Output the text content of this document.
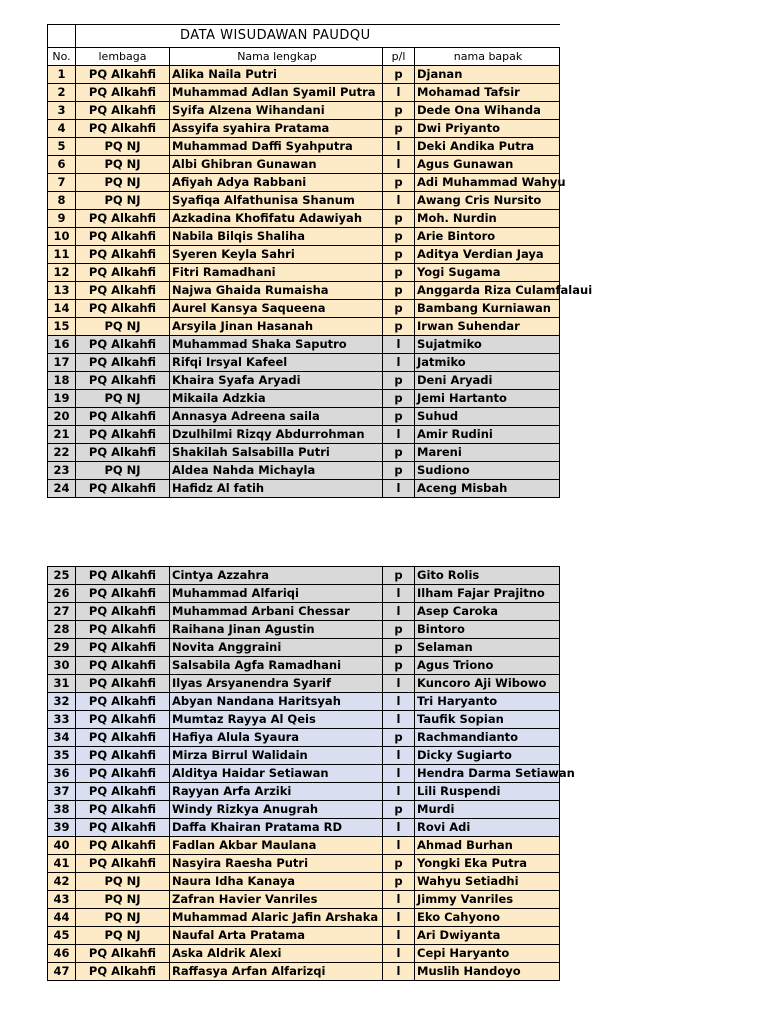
	DATA WISUDAWAN PAUDQU			
No.	lembaga	Nama lengkap	p/l	nama bapak
1	PQ Alkahfi	Alika Naila Putri	p	Djanan
2	PQ Alkahfi	Muhammad Adlan Syamil Putra	l	Mohamad Tafsir
3	PQ Alkahfi	Syifa Alzena Wihandani	p	Dede Ona Wihanda
4	PQ Alkahfi	Assyifa syahira Pratama	p	Dwi Priyanto
5	PQ NJ	Muhammad Daffi Syahputra	l	Deki Andika Putra
6	PQ NJ	Albi Ghibran Gunawan	l	Agus Gunawan
7	PQ NJ	Afiyah Adya Rabbani	p	Adi Muhammad Wahyu
8	PQ NJ	Syafiqa Alfathunisa Shanum	l	Awang Cris Nursito
9	PQ Alkahfi	Azkadina Khofifatu Adawiyah	p	Moh. Nurdin
10	PQ Alkahfi	Nabila Bilqis Shaliha	p	Arie Bintoro
11	PQ Alkahfi	Syeren Keyla Sahri	p	Aditya Verdian Jaya
12	PQ Alkahfi	Fitri Ramadhani	p	Yogi Sugama
13	PQ Alkahfi	Najwa Ghaida Rumaisha	p	Anggarda Riza Culamfalaui
14	PQ Alkahfi	Aurel Kansya Saqueena	p	Bambang Kurniawan
15	PQ NJ	Arsyila Jinan Hasanah	p	Irwan Suhendar
16	PQ Alkahfi	Muhammad Shaka Saputro	l	Sujatmiko
17	PQ Alkahfi	Rifqi Irsyal Kafeel	l	Jatmiko
18	PQ Alkahfi	Khaira Syafa Aryadi	p	Deni Aryadi
19	PQ NJ	Mikaila Adzkia	p	Jemi Hartanto
20	PQ Alkahfi	Annasya Adreena saila	p	Suhud
21	PQ Alkahfi	Dzulhilmi Rizqy Abdurrohman	l	Amir Rudini
22	PQ Alkahfi	Shakilah Salsabilla Putri	p	Mareni
23	PQ NJ	Aldea Nahda Michayla	p	Sudiono
24	PQ Alkahfi	Hafidz Al fatih	l	Aceng Misbah
25	PQ Alkahfi	Cintya Azzahra	p	Gito Rolis
26	PQ Alkahfi	Muhammad Alfariqi	l	Ilham Fajar Prajitno
27	PQ Alkahfi	Muhammad Arbani Chessar	l	Asep Caroka
28	PQ Alkahfi	Raihana Jinan Agustin	p	Bintoro
29	PQ Alkahfi	Novita Anggraini	p	Selaman
30	PQ Alkahfi	Salsabila Agfa Ramadhani	p	Agus Triono
31	PQ Alkahfi	Ilyas Arsyanendra Syarif	l	Kuncoro Aji Wibowo
32	PQ Alkahfi	Abyan Nandana Haritsyah	l	Tri Haryanto
33	PQ Alkahfi	Mumtaz Rayya Al Qeis	l	Taufik Sopian
34	PQ Alkahfi	Hafiya Alula Syaura	p	Rachmandianto
35	PQ Alkahfi	Mirza Birrul Walidain	l	Dicky Sugiarto
36	PQ Alkahfi	Alditya Haidar Setiawan	l	Hendra Darma Setiawan
37	PQ Alkahfi	Rayyan Arfa Arziki	l	Lili Ruspendi
38	PQ Alkahfi	Windy Rizkya Anugrah	p	Murdi
39	PQ Alkahfi	Daffa Khairan Pratama RD	l	Rovi Adi
40	PQ Alkahfi	Fadlan Akbar Maulana	l	Ahmad Burhan
41	PQ Alkahfi	Nasyira Raesha Putri	p	Yongki Eka Putra
42	PQ NJ	Naura Idha Kanaya	p	Wahyu Setiadhi
43	PQ NJ	Zafran Havier Vanriles	l	Jimmy Vanriles
44	PQ NJ	Muhammad Alaric Jafin Arshaka	l	Eko Cahyono
45	PQ NJ	Naufal Arta Pratama	l	Ari Dwiyanta
46	PQ Alkahfi	Aska Aldrik Alexi	l	Cepi Haryanto
47	PQ Alkahfi	Raffasya Arfan Alfarizqi	l	Muslih Handoyo
